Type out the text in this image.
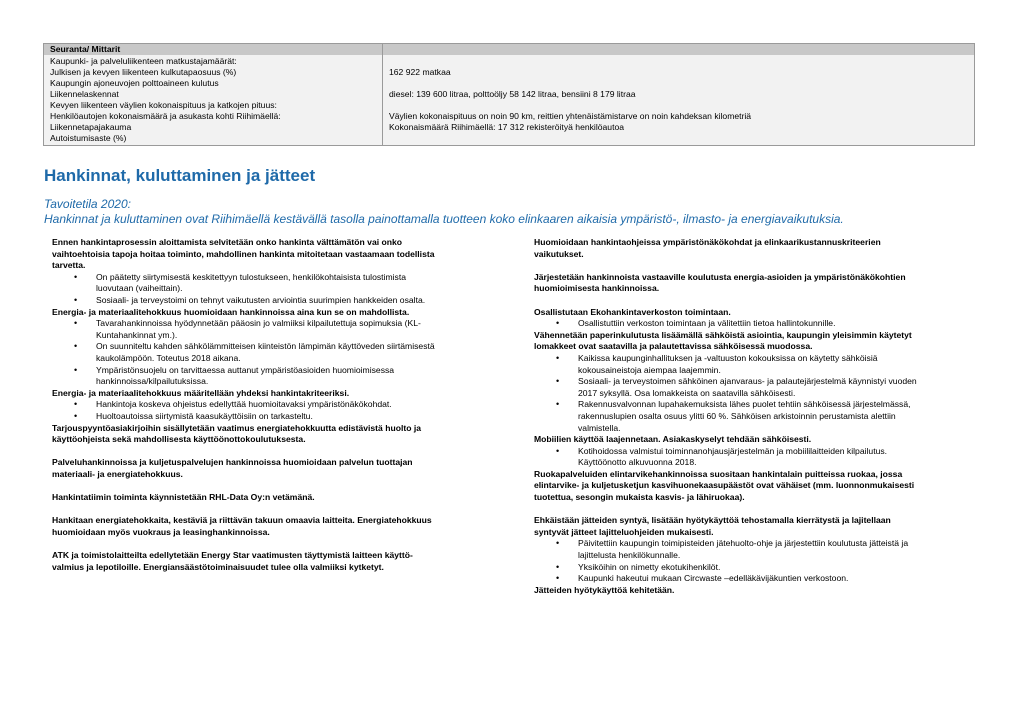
Seuranta/ Mittarit
Kaupunki- ja palveluliikenteen matkustajamäärät:
Julkisen ja kevyen liikenteen kulkutapaosuus (%)
Kaupungin ajoneuvojen polttoaineen kulutus
Liikennelaskennat
Kevyen liikenteen väylien kokonaispituus ja katkojen pituus:
Henkilöautojen kokonaismäärä ja asukasta kohti Riihimäellä:
Liikennetapajakauma
Autoistumisaste (%)
162 922 matkaa
diesel: 139 600 litraa, polttoöljy 58 142 litraa, bensiini 8 179 litraa
Väylien kokonaispituus on noin 90 km, reittien yhtenäistämistarve on noin kahdeksan kilometriä
Kokonaismäärä Riihimäellä: 17 312 rekisteröityä henkilöautoa
Hankinnat, kuluttaminen ja jätteet
Tavoitetila 2020:
Hankinnat ja kuluttaminen ovat Riihimäellä kestävällä tasolla painottamalla tuotteen koko elinkaaren aikaisia ympäristö-, ilmasto- ja energiavaikutuksia.

Ennen hankintaprosessin aloittamista selvitetään onko hankinta välttämätön vai onko
vaihtoehtoisia tapoja hoitaa toiminto, mahdollinen hankinta mitoitetaan vastaamaan todellista
tarvetta.

• On päätetty siirtymisestä keskitettyyn tulostukseen, henkilökohtaisista tulostimista
luovutaan (vaiheittain).
• Sosiaali- ja terveystoimi on tehnyt vaikutusten arviointia suurimpien hankkeiden osalta.

Energia- ja materiaalitehokkuus huomioidaan hankinnoissa aina kun se on mahdollista.

• Tavarahankinnoissa hyödynnetään pääosin jo valmiiksi kilpailutettuja sopimuksia (KL-
Kuntahankinnat ym.).
• On suunniteltu kahden sähkölämmitteisen kiinteistön lämpimän käyttöveden siirtämisestä
kaukolämpöön. Toteutus 2018 aikana.
• Ympäristönsuojelu on tarvittaessa auttanut ympäristöasioiden huomioimisessa
hankinnoissa/kilpailutuksissa.

Energia- ja materiaalitehokkuus määritellään yhdeksi hankintakriteeriksi.

• Hankintoja koskeva ohjeistus edellyttää huomioitavaksi ympäristönäkökohdat.
• Huoltoautoissa siirtymistä kaasukäyttöisiin on tarkasteltu.

Tarjouspyyntöasiakirjoihin sisällytetään vaatimus energiatehokkuutta edistävistä huolto ja
käyttöohjeista sekä mahdollisesta käyttöönottokoulutuksesta.

Palveluhankinnoissa ja kuljetuspalvelujen hankinnoissa huomioidaan palvelun tuottajan
materiaali- ja energiatehokkuus.

Hankintatiimin toiminta käynnistetään RHL-Data Oy:n vetämänä.

Hankitaan energiatehokkaita, kestäviä ja riittävän takuun omaavia laitteita. Energiatehokkuus
huomioidaan myös vuokraus ja leasinghankinnoissa.

ATK ja toimistolaitteilta edellytetään Energy Star vaatimusten täyttymistä laitteen käyttö-
valmius ja lepotiloille. Energiansäästötoiminaisuudet tulee olla valmiiksi kytketyt.

Huomioidaan hankintaohjeissa ympäristönäkökohdat ja elinkaarikustannuskriteerien
vaikutukset.

Järjestetään hankinnoista vastaaville koulutusta energia-asioiden ja ympäristönäkökohtien
huomioimisesta hankinnoissa.

Osallistutaan Ekohankintaverkoston toimintaan.

• Osallistuttiin verkoston toimintaan ja välitettiin tietoa hallintokunnille.

Vähennetään paperinkulutusta lisäämällä sähköistä asiointia, kaupungin yleisimmin käytetyt
lomakkeet ovat saatavilla ja palautettavissa sähköisessä muodossa.

• Kaikissa kaupunginhallituksen ja -valtuuston kokouksissa on käytetty sähköisiä
kokousaineistoja aiempaa laajemmin.
• Sosiaali- ja terveystoimen sähköinen ajanvaraus- ja palautejärjestelmä käynnistyi vuoden
2017 syksyllä. Osa lomakkeista on saatavilla sähköisesti.
• Rakennusvalvonnan lupahakemuksista lähes puolet tehtiin sähköisessä järjestelmässä,
rakennuslupien osalta osuus ylitti 60 %. Sähköisen arkistoinnin perustamista alettiin
valmistella.

Mobiilien käyttöä laajennetaan. Asiakaskyselyt tehdään sähköisesti.

• Kotihoidossa valmistui toiminnanohjausjärjestelmän ja mobiililaitteiden kilpailutus.
Käyttöönotto alkuvuonna 2018.

Ruokapalveluiden elintarvikehankinnoissa suositaan hankintalain puitteissa ruokaa, jossa
elintarvike- ja kuljetusketjun kasvihuonekaasupäästöt ovat vähäiset (mm. luonnonmukaisesti
tuotettua, sesongin mukaista kasvis- ja lähiruokaa).

Ehkäistään jätteiden syntyä, lisätään hyötykäyttöä tehostamalla kierrätystä ja lajitellaan
syntyvät jätteet lajitteluohjeiden mukaisesti.

• Päivitettiin kaupungin toimipisteiden jätehuolto-ohje ja järjestettiin koulutusta jätteistä ja
lajittelusta henkilökunnalle.
• Yksiköihin on nimetty ekotukihenkilöt.
• Kaupunki hakeutui mukaan Circwaste –edelläkävijäkuntien verkostoon.

Jätteiden hyötykäyttöä kehitetään.
